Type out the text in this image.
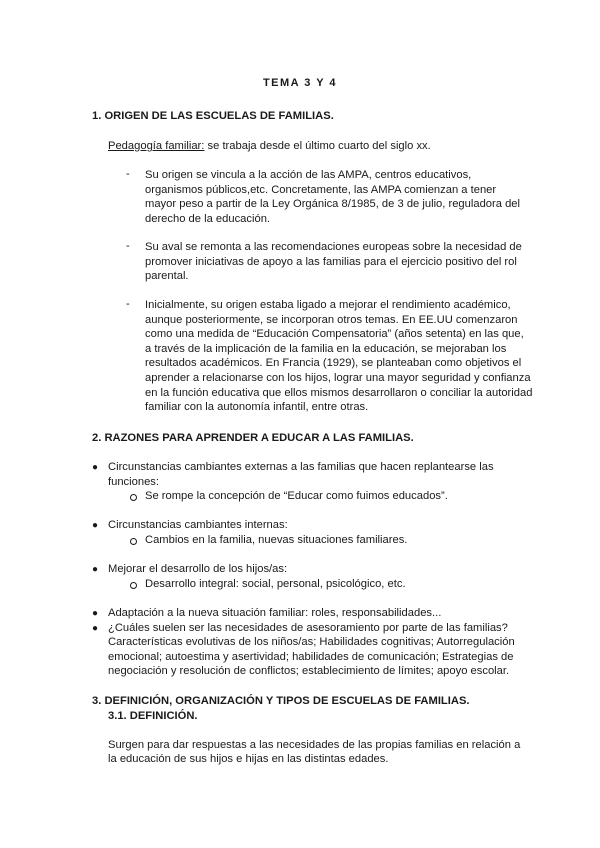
TEMA 3 Y 4
1. ORIGEN DE LAS ESCUELAS DE FAMILIAS.
Pedagogía familiar: se trabaja desde el último cuarto del siglo xx.
- Su origen se vincula a la acción de las AMPA, centros educativos,
organismos públicos,etc. Concretamente, las AMPA comienzan a tener
mayor peso a partir de la Ley Orgánica 8/1985, de 3 de julio, reguladora del
derecho de la educación.
- Su aval se remonta a las recomendaciones europeas sobre la necesidad de
promover iniciativas de apoyo a las familias para el ejercicio positivo del rol
parental.
- Inicialmente, su origen estaba ligado a mejorar el rendimiento académico,
aunque posteriormente, se incorporan otros temas. En EE.UU comenzaron
como una medida de “Educación Compensatoria” (años setenta) en las que,
a través de la implicación de la familia en la educación, se mejoraban los
resultados académicos. En Francia (1929), se planteaban como objetivos el
aprender a relacionarse con los hijos, lograr una mayor seguridad y confianza
en la función educativa que ellos mismos desarrollaron o conciliar la autoridad
familiar con la autonomía infantil, entre otras.
2. RAZONES PARA APRENDER A EDUCAR A LAS FAMILIAS.
● Circunstancias cambiantes externas a las familias que hacen replantearse las
funciones:
Se rompe la concepción de “Educar como fuimos educados”.
● Circunstancias cambiantes internas:
Cambios en la familia, nuevas situaciones familiares.
● Mejorar el desarrollo de los hijos/as:
Desarrollo integral: social, personal, psicológico, etc.
● Adaptación a la nueva situación familiar: roles, responsabilidades...
● ¿Cuáles suelen ser las necesidades de asesoramiento por parte de las familias?
Características evolutivas de los niños/as; Habilidades cognitivas; Autorregulación
emocional; autoestima y asertividad; habilidades de comunicación; Estrategias de
negociación y resolución de conflictos; establecimiento de límites; apoyo escolar.
3. DEFINICIÓN, ORGANIZACIÓN Y TIPOS DE ESCUELAS DE FAMILIAS.
3.1. DEFINICIÓN.
Surgen para dar respuestas a las necesidades de las propias familias en relación a
la educación de sus hijos e hijas en las distintas edades.
